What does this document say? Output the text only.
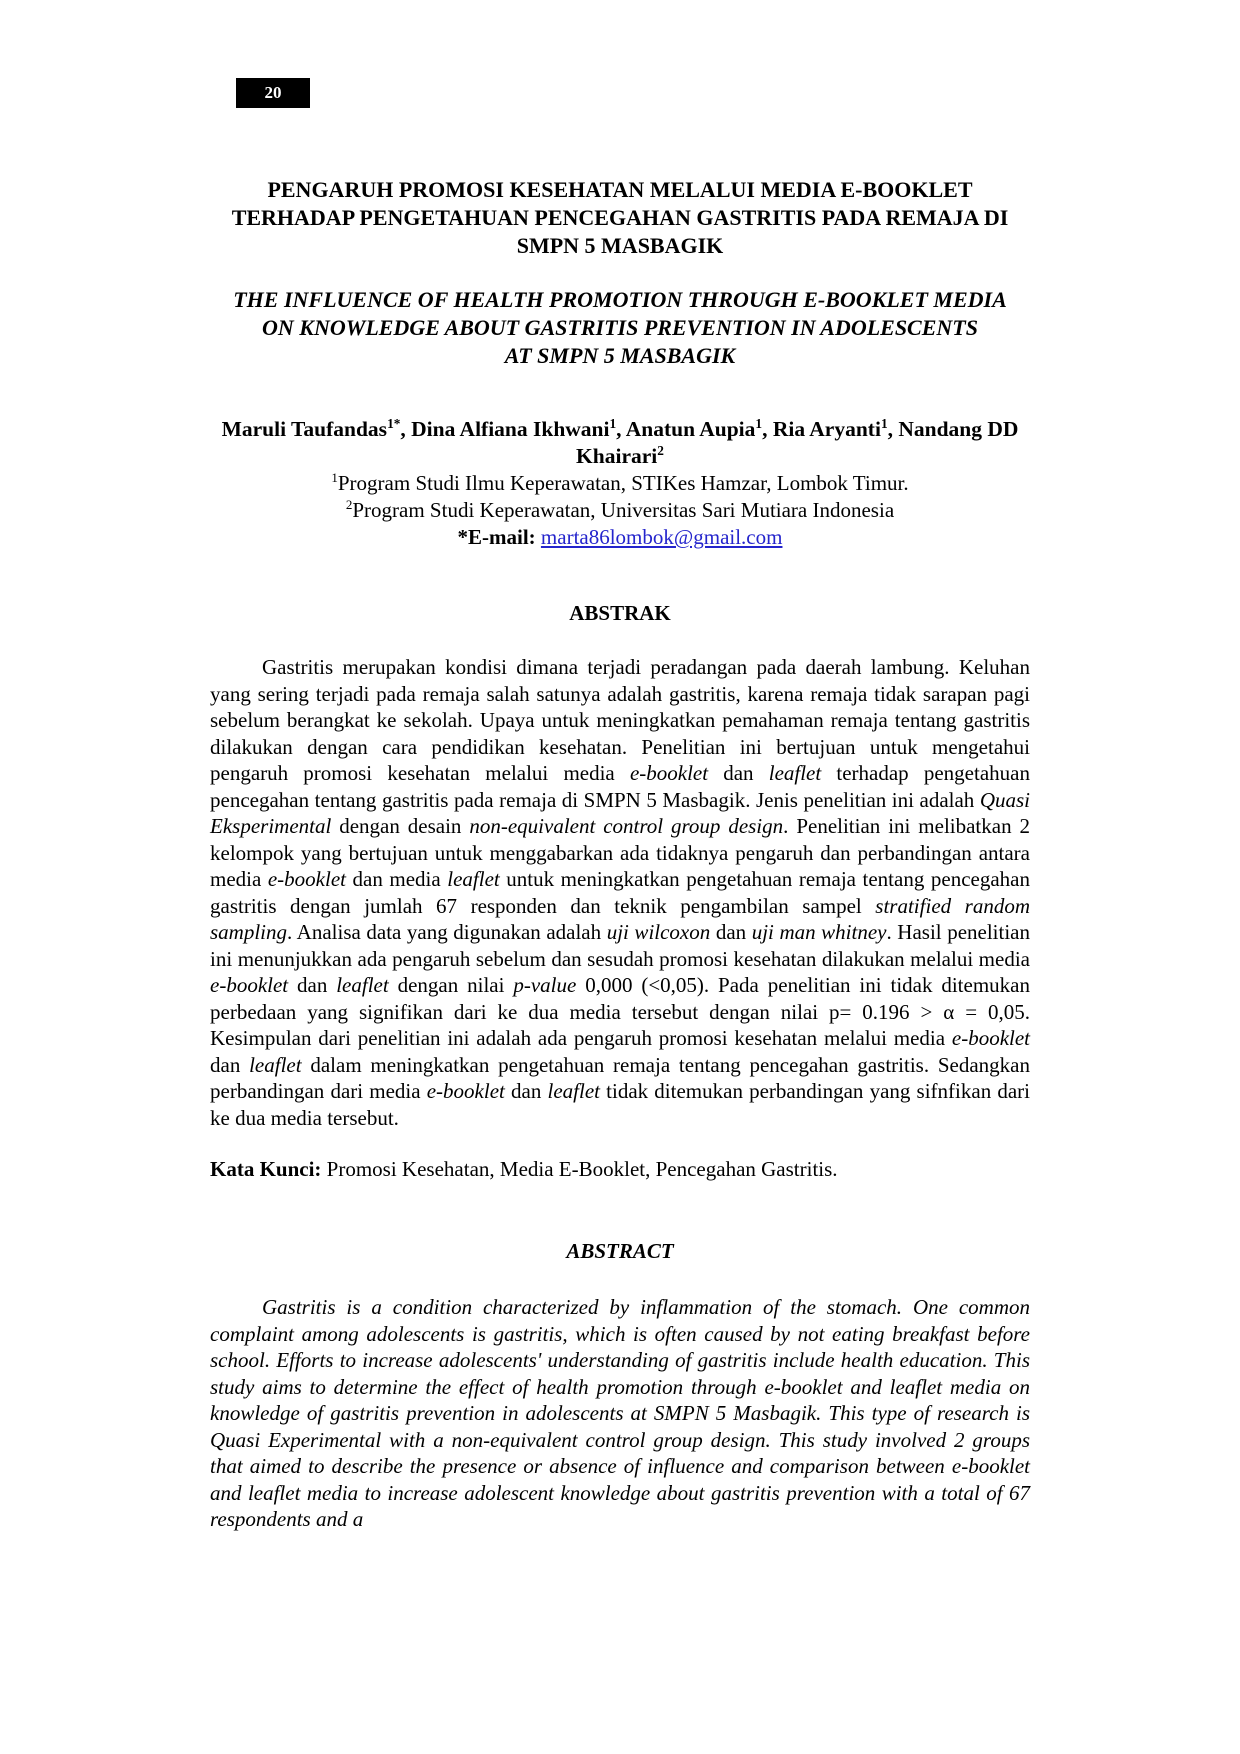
20
PENGARUH PROMOSI KESEHATAN MELALUI MEDIA E-BOOKLET
TERHADAP PENGETAHUAN PENCEGAHAN GASTRITIS PADA REMAJA DI
SMPN 5 MASBAGIK
THE INFLUENCE OF HEALTH PROMOTION THROUGH E-BOOKLET MEDIA
ON KNOWLEDGE ABOUT GASTRITIS PREVENTION IN ADOLESCENTS
AT SMPN 5 MASBAGIK
Maruli Taufandas$^{1*}$, Dina Alfiana Ikhwani$^1$, Anatun Aupia$^1$, Ria Aryanti$^1$, Nandang DD Khairari$^2$
$^1$Program Studi Ilmu Keperawatan, STIKes Hamzar, Lombok Timur.
$^2$Program Studi Keperawatan, Universitas Sari Mutiara Indonesia
*E-mail: marta86lombok@gmail.com
ABSTRAK
Gastritis merupakan kondisi dimana terjadi peradangan pada daerah lambung. Keluhan yang sering terjadi pada remaja salah satunya adalah gastritis, karena remaja tidak sarapan pagi sebelum berangkat ke sekolah. Upaya untuk meningkatkan pemahaman remaja tentang gastritis dilakukan dengan cara pendidikan kesehatan. Penelitian ini bertujuan untuk mengetahui pengaruh promosi kesehatan melalui media e-booklet dan leaflet terhadap pengetahuan pencegahan tentang gastritis pada remaja di SMPN 5 Masbagik. Jenis penelitian ini adalah Quasi Eksperimental dengan desain non-equivalent control group design. Penelitian ini melibatkan 2 kelompok yang bertujuan untuk menggabarkan ada tidaknya pengaruh dan perbandingan antara media e-booklet dan media leaflet untuk meningkatkan pengetahuan remaja tentang pencegahan gastritis dengan jumlah 67 responden dan teknik pengambilan sampel stratified random sampling. Analisa data yang digunakan adalah uji wilcoxon dan uji man whitney. Hasil penelitian ini menunjukkan ada pengaruh sebelum dan sesudah promosi kesehatan dilakukan melalui media e-booklet dan leaflet dengan nilai p-value 0,000 (<0,05). Pada penelitian ini tidak ditemukan perbedaan yang signifikan dari ke dua media tersebut dengan nilai p= 0.196 > α = 0,05. Kesimpulan dari penelitian ini adalah ada pengaruh promosi kesehatan melalui media e-booklet dan leaflet dalam meningkatkan pengetahuan remaja tentang pencegahan gastritis. Sedangkan perbandingan dari media e-booklet dan leaflet tidak ditemukan perbandingan yang sifnfikan dari ke dua media tersebut.
Kata Kunci: Promosi Kesehatan, Media E-Booklet, Pencegahan Gastritis.
ABSTRACT
Gastritis is a condition characterized by inflammation of the stomach. One common complaint among adolescents is gastritis, which is often caused by not eating breakfast before school. Efforts to increase adolescents' understanding of gastritis include health education. This study aims to determine the effect of health promotion through e-booklet and leaflet media on knowledge of gastritis prevention in adolescents at SMPN 5 Masbagik. This type of research is Quasi Experimental with a non-equivalent control group design. This study involved 2 groups that aimed to describe the presence or absence of influence and comparison between e-booklet and leaflet media to increase adolescent knowledge about gastritis prevention with a total of 67 respondents and a
